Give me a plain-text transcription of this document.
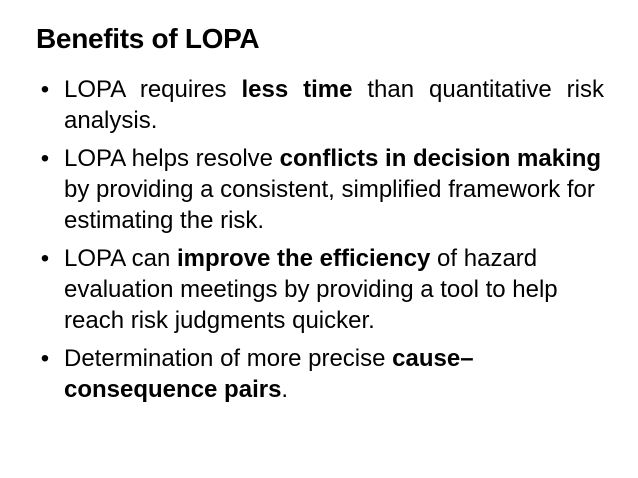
Benefits of LOPA
• LOPA requires less time than quantitative risk analysis.
• LOPA helps resolve conflicts in decision making by providing a consistent, simplified framework for estimating the risk.
• LOPA can improve the efficiency of hazard evaluation meetings by providing a tool to help reach risk judgments quicker.
• Determination of more precise cause–consequence pairs.
